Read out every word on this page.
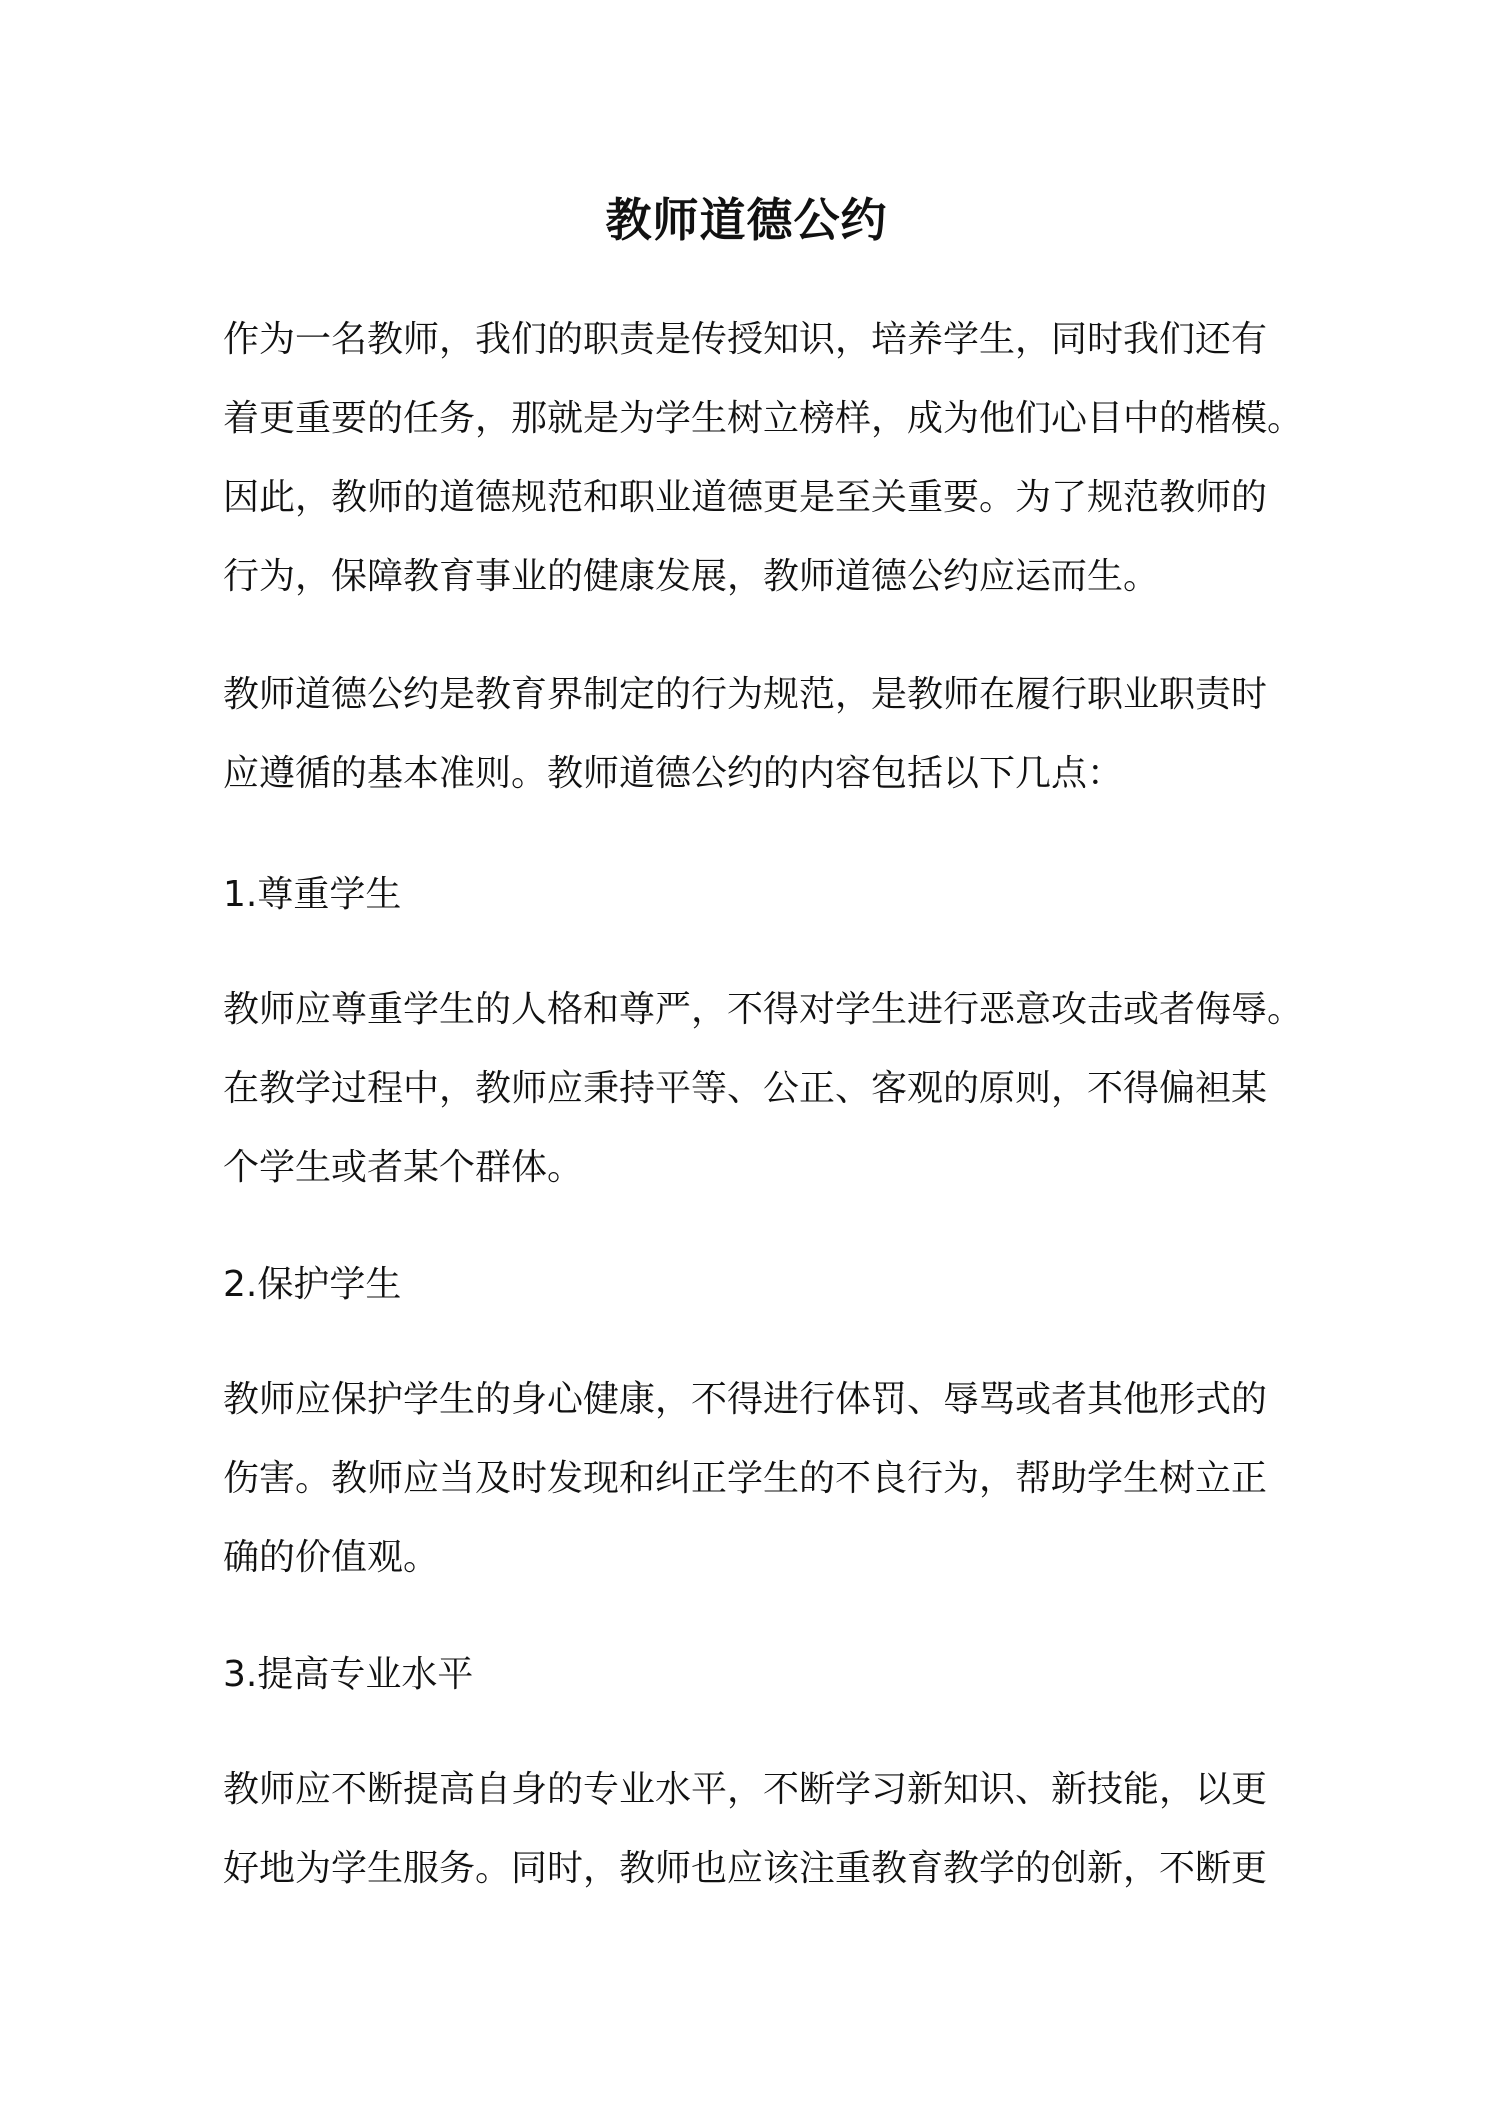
教师道德公约
作为一名教师，我们的职责是传授知识，培养学生，同时我们还有
着更重要的任务，那就是为学生树立榜样，成为他们心目中的楷模。
因此，教师的道德规范和职业道德更是至关重要。为了规范教师的
行为，保障教育事业的健康发展，教师道德公约应运而生。
教师道德公约是教育界制定的行为规范，是教师在履行职业职责时
应遵循的基本准则。教师道德公约的内容包括以下几点：
1.尊重学生
教师应尊重学生的人格和尊严，不得对学生进行恶意攻击或者侮辱。
在教学过程中，教师应秉持平等、公正、客观的原则，不得偏袒某
个学生或者某个群体。
2.保护学生
教师应保护学生的身心健康，不得进行体罚、辱骂或者其他形式的
伤害。教师应当及时发现和纠正学生的不良行为，帮助学生树立正
确的价值观。
3.提高专业水平
教师应不断提高自身的专业水平，不断学习新知识、新技能，以更
好地为学生服务。同时，教师也应该注重教育教学的创新，不断更
